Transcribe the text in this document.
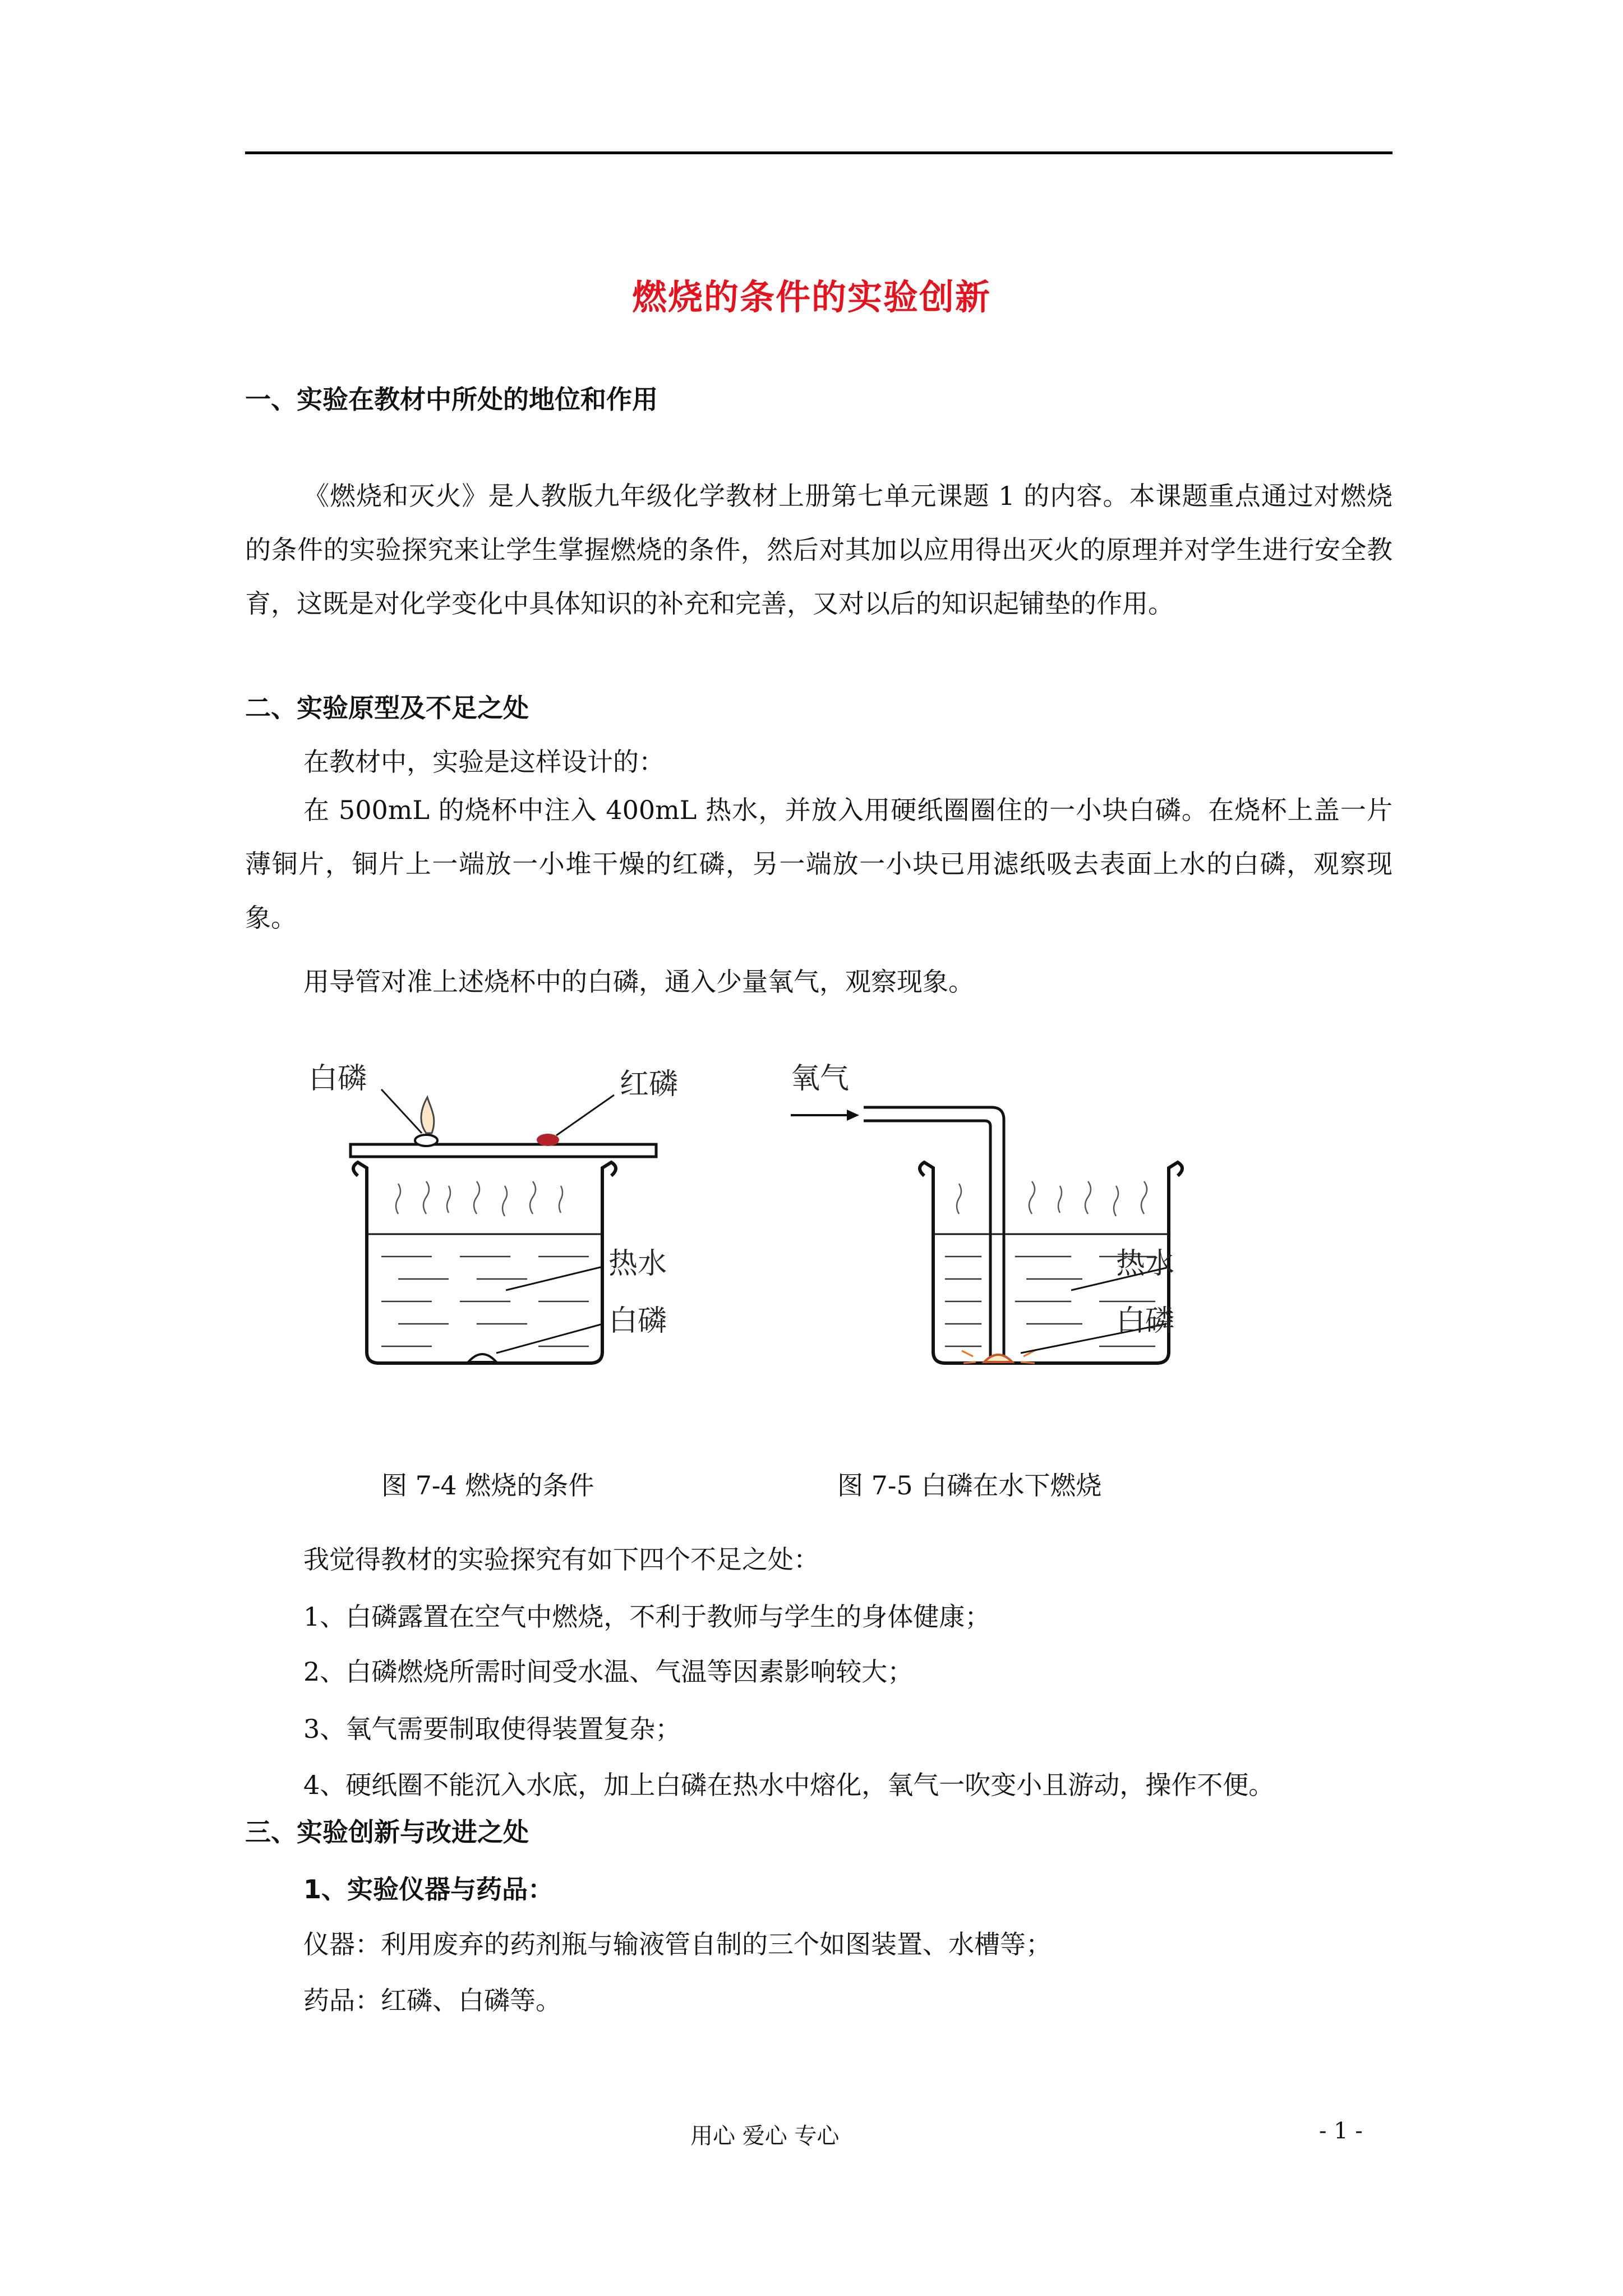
燃烧的条件的实验创新
一、实验在教材中所处的地位和作用
《燃烧和灭火》是人教版九年级化学教材上册第七单元课题 1 的内容。本课题重点通过对燃烧的条件的实验探究来让学生掌握燃烧的条件，然后对其加以应用得出灭火的原理并对学生进行安全教育，这既是对化学变化中具体知识的补充和完善，又对以后的知识起铺垫的作用。
二、实验原型及不足之处
在教材中，实验是这样设计的：
在 500mL 的烧杯中注入 400mL 热水，并放入用硬纸圈圈住的一小块白磷。在烧杯上盖一片薄铜片，铜片上一端放一小堆干燥的红磷，另一端放一小块已用滤纸吸去表面上水的白磷，观察现象。
用导管对准上述烧杯中的白磷，通入少量氧气，观察现象。
白磷	红磷
热水
白磷
氧气
热水
白磷
图 7-4 燃烧的条件	图 7-5 白磷在水下燃烧
我觉得教材的实验探究有如下四个不足之处：
1、白磷露置在空气中燃烧，不利于教师与学生的身体健康；
2、白磷燃烧所需时间受水温、气温等因素影响较大；
3、氧气需要制取使得装置复杂；
4、硬纸圈不能沉入水底，加上白磷在热水中熔化，氧气一吹变小且游动，操作不便。
三、实验创新与改进之处
1、实验仪器与药品：
仪器：利用废弃的药剂瓶与输液管自制的三个如图装置、水槽等；
药品：红磷、白磷等。
用心 爱心 专心	- 1 -
